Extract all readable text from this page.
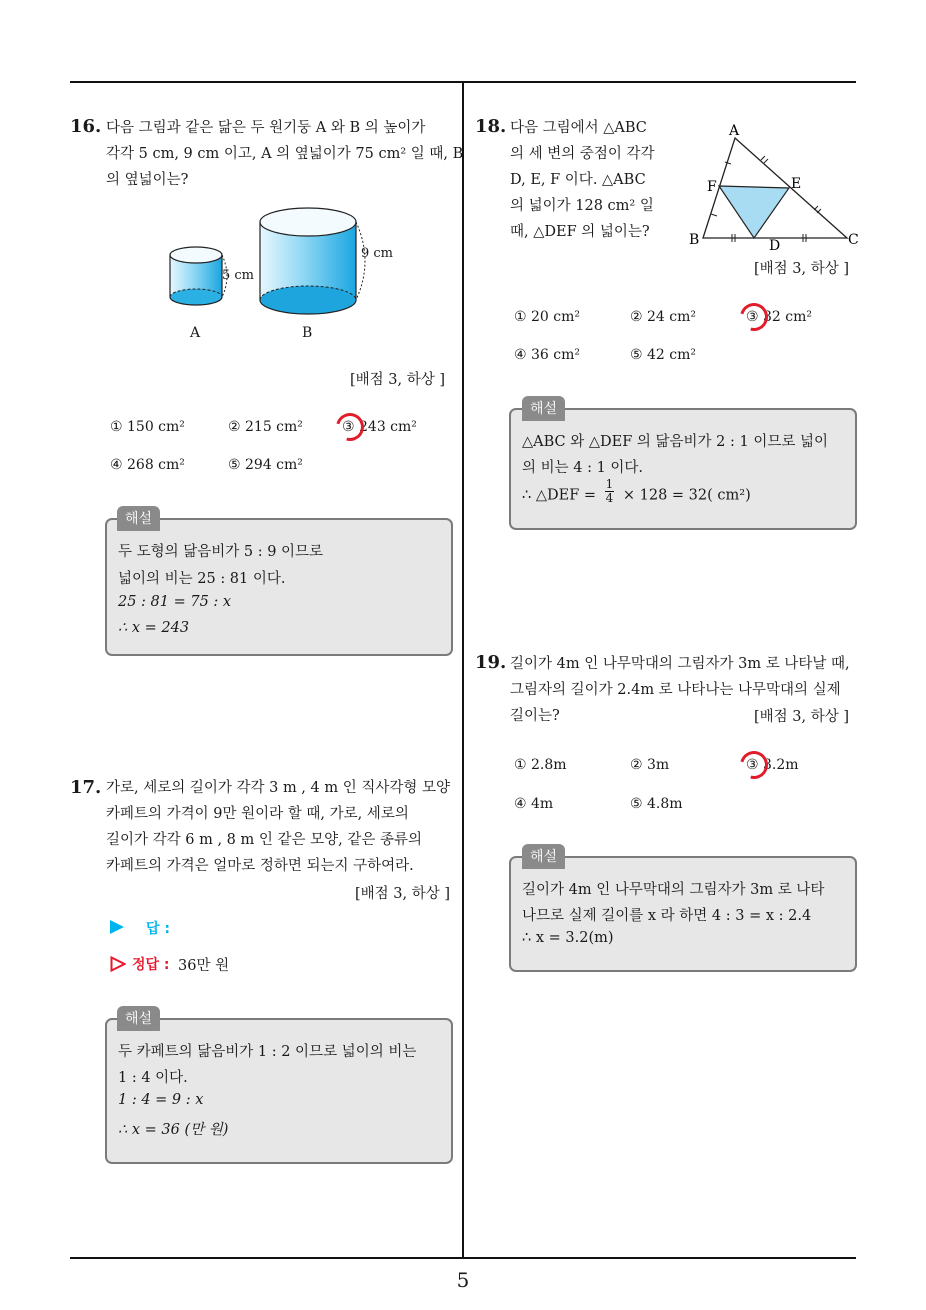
5
16. 다음 그림과 같은 닮은 두 원기둥 A 와 B 의 높이가
각각 5 cm, 9 cm 이고, A 의 옆넓이가 75 cm² 일 때, B
의 옆넓이는?
5 cm
9 cm
A	B
[배점 3, 하상 ]
① 150 cm²	② 215 cm²	③ 243 cm²
④ 268 cm²	⑤ 294 cm²
해설
두 도형의 닮음비가 5 : 9 이므로
넓이의 비는 25 : 81 이다.
25 : 81 = 75 : x
∴ x = 243
17. 가로, 세로의 길이가 각각 3 m , 4 m 인 직사각형 모양
카페트의 가격이 9만 원이라 할 때, 가로, 세로의
길이가 각각 6 m , 8 m 인 같은 모양, 같은 종류의
카페트의 가격은 얼마로 정하면 되는지 구하여라.
[배점 3, 하상 ]
답 :
정답 : 36만 원
해설
두 카페트의 닮음비가 1 : 2 이므로 넓이의 비는
1 : 4 이다.
1 : 4 = 9 : x
∴ x = 36 (만 원)
18. 다음 그림에서 △ABC
의 세 변의 중점이 각각
D, E, F 이다. △ABC
의 넓이가 128 cm² 일
때, △DEF 의 넓이는?
A
F	E
B	D	C
[배점 3, 하상 ]
① 20 cm²	② 24 cm²	③ 32 cm²
④ 36 cm²	⑤ 42 cm²
해설
△ABC 와 △DEF 의 닮음비가 2 : 1 이므로 넓이
의 비는 4 : 1 이다.
∴ △DEF = $\frac{1}{4} \times 128 = 32$( cm²)
19. 길이가 4m 인 나무막대의 그림자가 3m 로 나타날 때,
그림자의 길이가 2.4m 로 나타나는 나무막대의 실제
길이는?	[배점 3, 하상 ]
① 2.8m	② 3m	③ 3.2m
④ 4m	⑤ 4.8m
해설
길이가 4m 인 나무막대의 그림자가 3m 로 나타
나므로 실제 길이를 x 라 하면 4 : 3 = x : 2.4
∴ x = 3.2(m)
